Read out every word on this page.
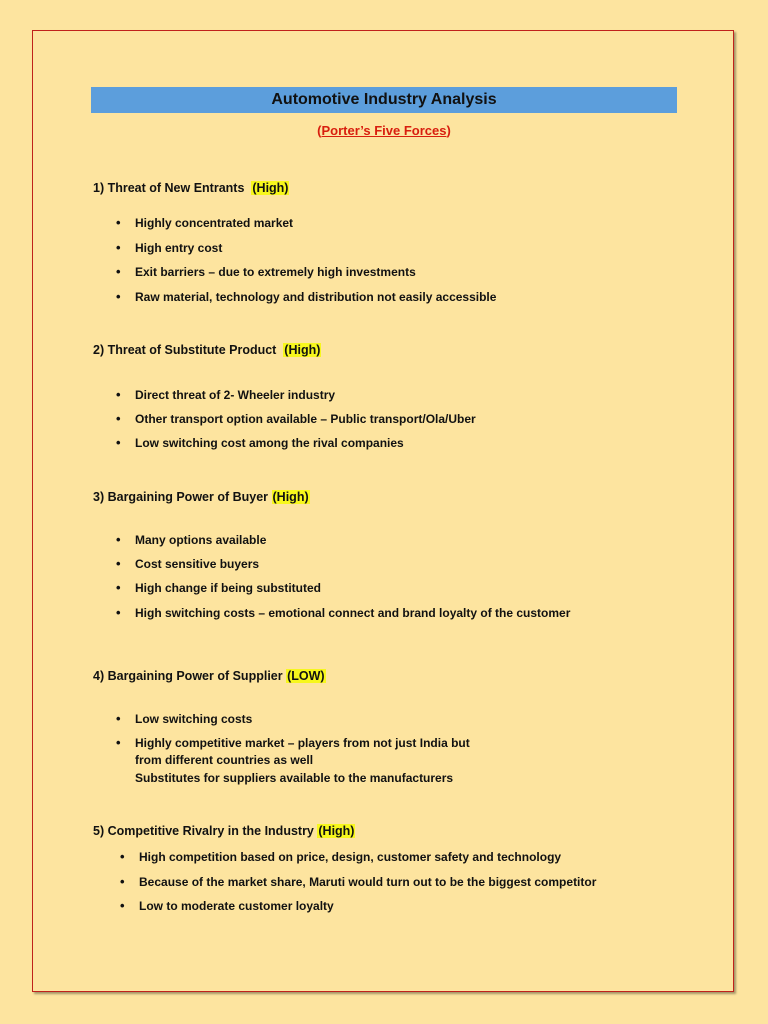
Automotive Industry Analysis
(Porter’s Five Forces)
1) Threat of New Entrants (High)
• Highly concentrated market
• High entry cost
• Exit barriers – due to extremely high investments
• Raw material, technology and distribution not easily accessible
2) Threat of Substitute Product (High)
• Direct threat of 2- Wheeler industry
• Other transport option available – Public transport/Ola/Uber
• Low switching cost among the rival companies
3) Bargaining Power of Buyer (High)
• Many options available
• Cost sensitive buyers
• High change if being substituted
• High switching costs – emotional connect and brand loyalty of the customer
4) Bargaining Power of Supplier (LOW)
• Low switching costs
• Highly competitive market – players from not just India but
from different countries as well
Substitutes for suppliers available to the manufacturers
5) Competitive Rivalry in the Industry (High)
• High competition based on price, design, customer safety and technology
• Because of the market share, Maruti would turn out to be the biggest competitor
• Low to moderate customer loyalty
